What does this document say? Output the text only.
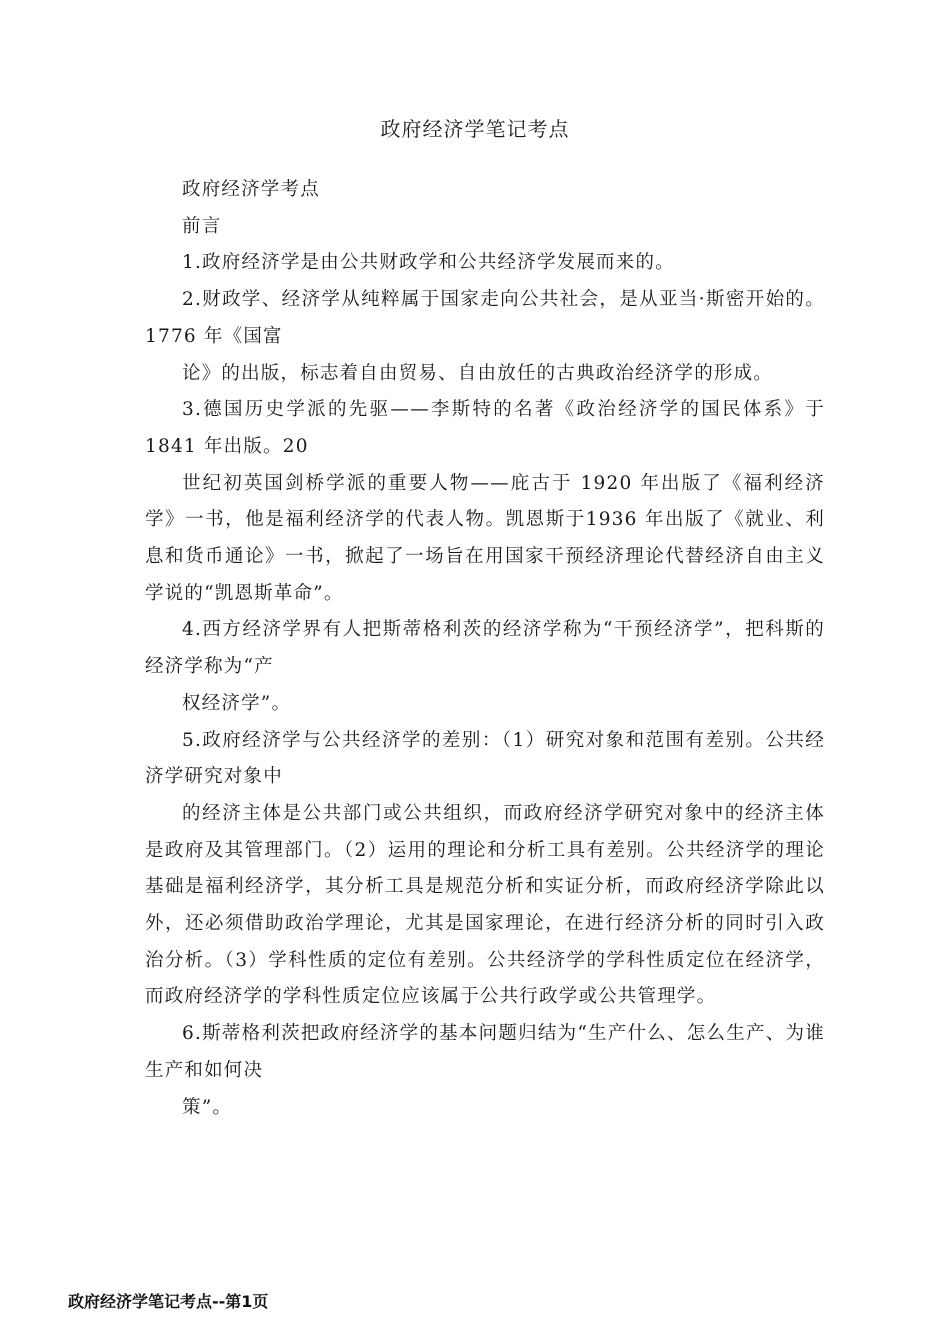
政府经济学笔记考点

政府经济学考点

前言

1.政府经济学是由公共财政学和公共经济学发展而来的。

2.财政学、经济学从纯粹属于国家走向公共社会，是从亚当·斯密开始的。1776 年《国富

论》的出版，标志着自由贸易、自由放任的古典政治经济学的形成。

3.德国历史学派的先驱——李斯特的名著《政治经济学的国民体系》于1841 年出版。20

世纪初英国剑桥学派的重要人物——庇古于 1920 年出版了《福利经济学》一书，他是福利经济学的代表人物。凯恩斯于1936 年出版了《就业、利息和货币通论》一书，掀起了一场旨在用国家干预经济理论代替经济自由主义学说的“凯恩斯革命”。

4.西方经济学界有人把斯蒂格利茨的经济学称为“干预经济学”，把科斯的经济学称为“产

权经济学”。

5.政府经济学与公共经济学的差别：（1）研究对象和范围有差别。公共经济学研究对象中

的经济主体是公共部门或公共组织，而政府经济学研究对象中的经济主体是政府及其管理部门。（2）运用的理论和分析工具有差别。公共经济学的理论基础是福利经济学，其分析工具是规范分析和实证分析，而政府经济学除此以外，还必须借助政治学理论，尤其是国家理论，在进行经济分析的同时引入政治分析。（3）学科性质的定位有差别。公共经济学的学科性质定位在经济学，而政府经济学的学科性质定位应该属于公共行政学或公共管理学。

6.斯蒂格利茨把政府经济学的基本问题归结为“生产什么、怎么生产、为谁生产和如何决

策”。

政府经济学笔记考点--第1页
